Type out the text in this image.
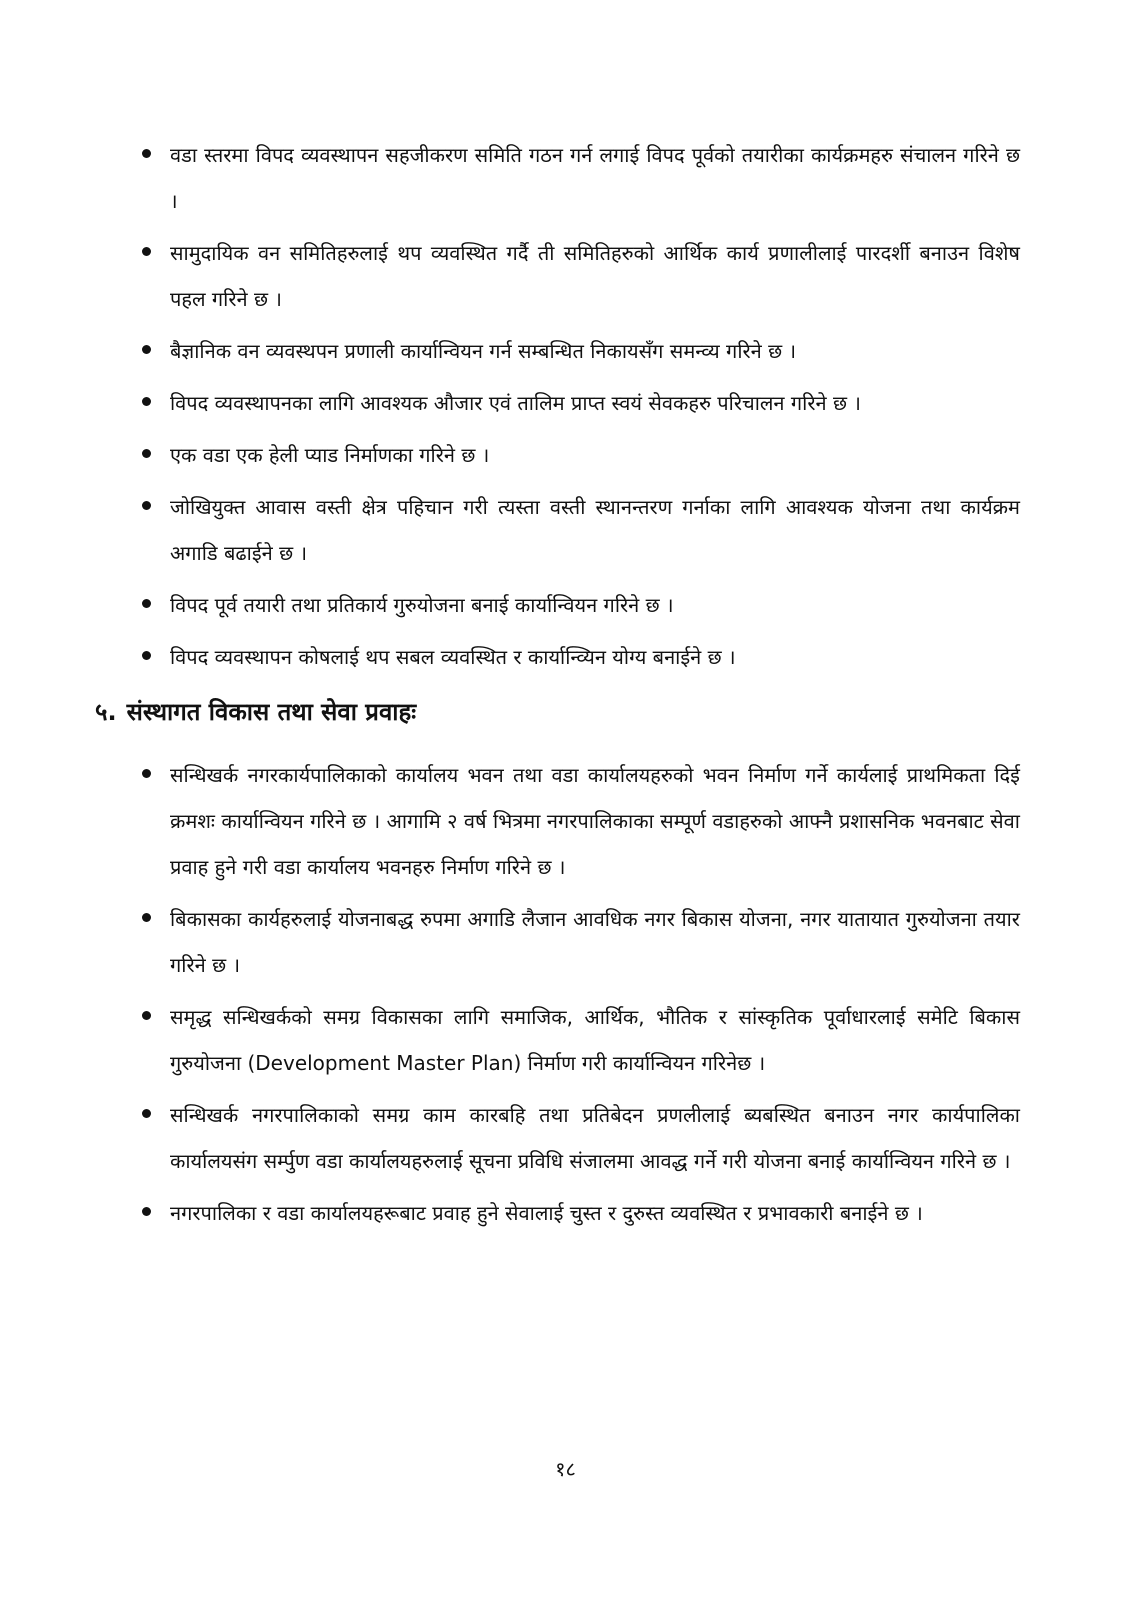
वडा स्तरमा विपद व्यवस्थापन सहजीकरण समिति गठन गर्न लगाई विपद पूर्वको तयारीका कार्यक्रमहरु संचालन गरिने छ ।
सामुदायिक वन समितिहरुलाई थप व्यवस्थित गर्दै ती समितिहरुको आर्थिक कार्य प्रणालीलाई पारदर्शी बनाउन विशेष पहल गरिने छ ।
बैज्ञानिक वन व्यवस्थपन प्रणाली कार्यान्वियन गर्न सम्बन्धित निकायसँग समन्व्य गरिने छ ।
विपद व्यवस्थापनका लागि आवश्यक औजार एवं तालिम प्राप्त स्वयं सेवकहरु परिचालन गरिने छ ।
एक वडा एक हेली प्याड निर्माणका गरिने छ ।
जोखियुक्त आवास वस्ती क्षेत्र पहिचान गरी त्यस्ता वस्ती स्थानन्तरण गर्नाका लागि आवश्यक योजना तथा कार्यक्रम अगाडि बढाईने छ ।
विपद पूर्व तयारी तथा प्रतिकार्य गुरुयोजना बनाई कार्यान्वियन गरिने छ ।
विपद व्यवस्थापन कोषलाई थप सबल व्यवस्थित र कार्यान्व्यिन योग्य बनाईने छ ।
५. संस्थागत विकास तथा सेवा प्रवाहः
सन्धिखर्क नगरकार्यपालिकाको कार्यालय भवन तथा वडा कार्यालयहरुको भवन निर्माण गर्ने कार्यलाई प्राथमिकता दिई क्रमशः कार्यान्वियन गरिने छ । आगामि २ वर्ष भित्रमा नगरपालिकाका सम्पूर्ण वडाहरुको आफ्नै प्रशासनिक भवनबाट सेवा प्रवाह हुने गरी वडा कार्यालय भवनहरु निर्माण गरिने छ ।
बिकासका कार्यहरुलाई योजनाबद्ध रुपमा अगाडि लैजान आवधिक नगर बिकास योजना, नगर यातायात गुरुयोजना तयार गरिने छ ।
समृद्ध सन्धिखर्कको समग्र विकासका लागि समाजिक, आर्थिक, भौतिक र सांस्कृतिक पूर्वाधारलाई समेटि बिकास गुरुयोजना (Development Master Plan) निर्माण गरी कार्यान्वियन गरिनेछ ।
सन्धिखर्क नगरपालिकाको समग्र काम कारबहि तथा प्रतिबेदन प्रणलीलाई ब्यबस्थित बनाउन नगर कार्यपालिका कार्यालयसंग सर्म्पुण वडा कार्यालयहरुलाई सूचना प्रविधि संजालमा आवद्ध गर्ने गरी योजना बनाई कार्यान्वियन गरिने छ ।
नगरपालिका र वडा कार्यालयहरूबाट प्रवाह हुने सेवालाई चुस्त र दुरुस्त व्यवस्थित र प्रभावकारी बनाईने छ ।
१८
